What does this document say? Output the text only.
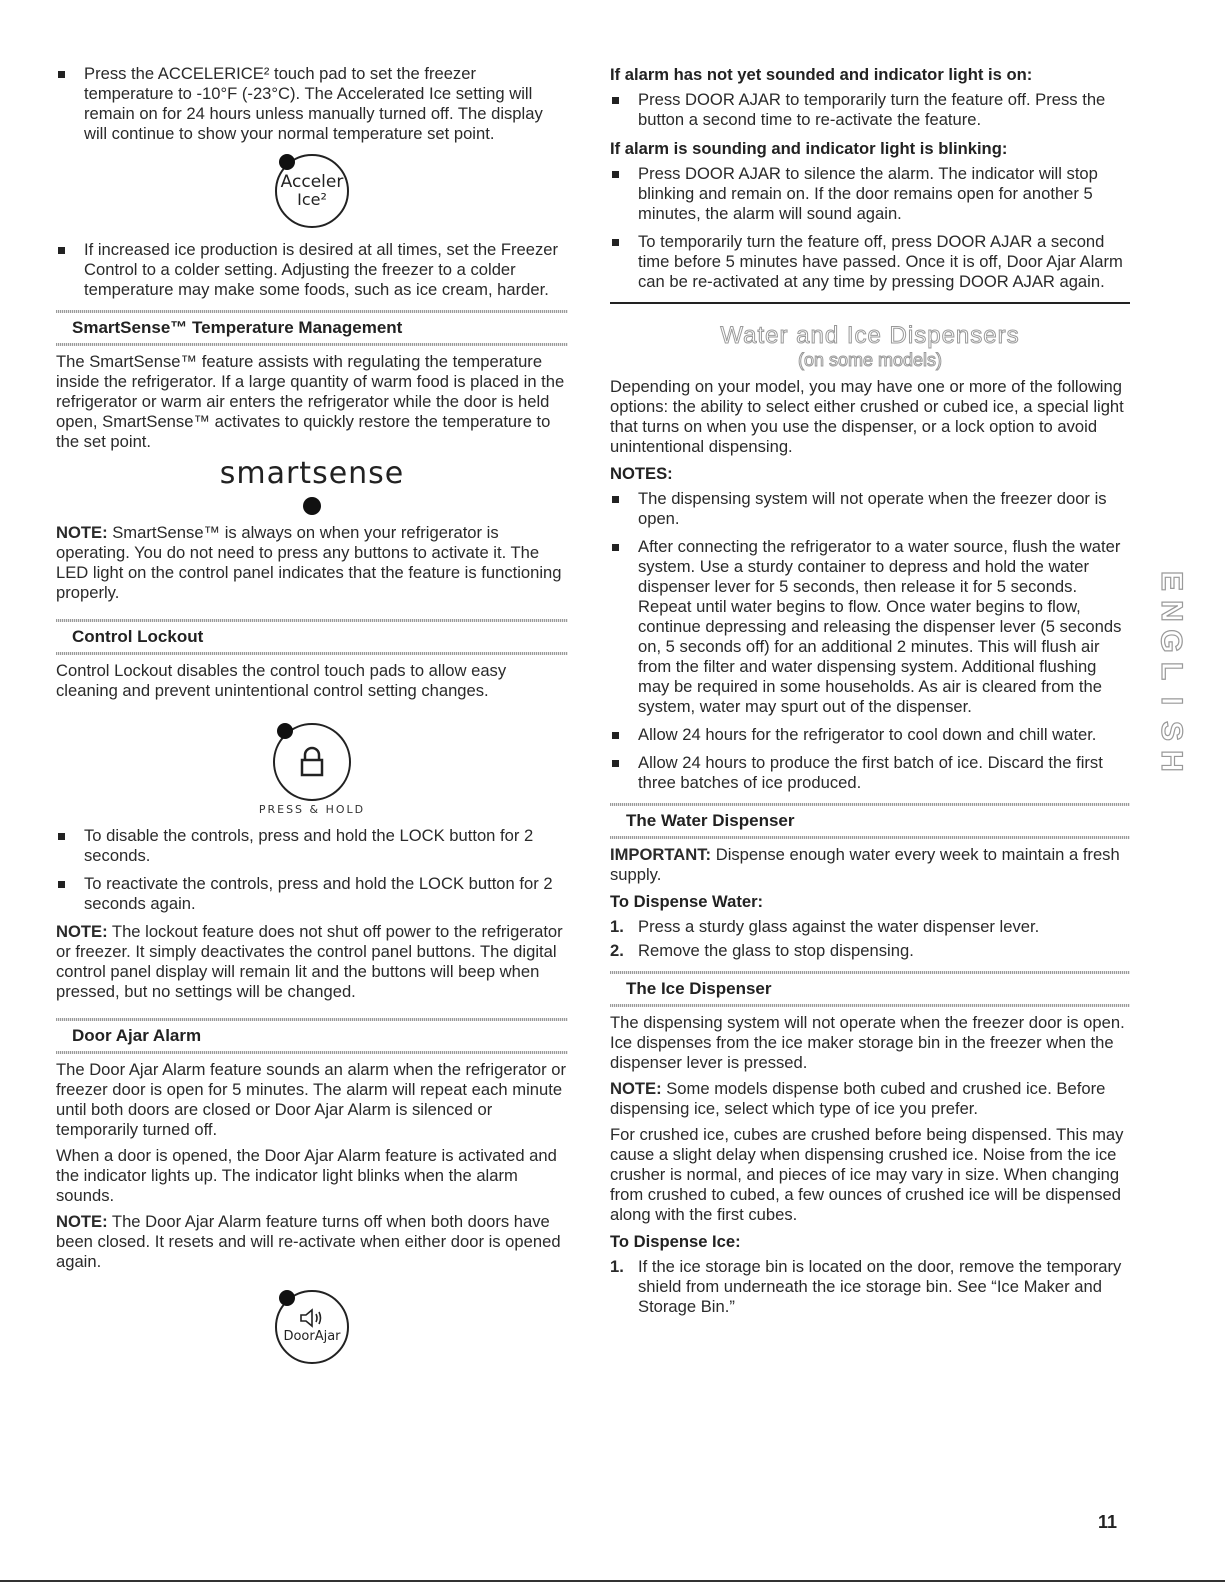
Press the ACCELERICE² touch pad to set the freezer temperature to -10°F (-23°C). The Accelerated Ice setting will remain on for 24 hours unless manually turned off. The display will continue to show your normal temperature set point.
Acceler
Ice²
If increased ice production is desired at all times, set the Freezer Control to a colder setting. Adjusting the freezer to a colder temperature may make some foods, such as ice cream, harder.
SmartSense™ Temperature Management

The SmartSense™ feature assists with regulating the temperature inside the refrigerator. If a large quantity of warm food is placed in the refrigerator or warm air enters the refrigerator while the door is held open, SmartSense™ activates to quickly restore the temperature to the set point.

smartsense

NOTE: SmartSense™ is always on when your refrigerator is operating. You do not need to press any buttons to activate it. The LED light on the control panel indicates that the feature is functioning properly.

Control Lockout

Control Lockout disables the control touch pads to allow easy cleaning and prevent unintentional control setting changes.

PRESS & HOLD
To disable the controls, press and hold the LOCK button for 2 seconds.
To reactivate the controls, press and hold the LOCK button for 2 seconds again.

NOTE: The lockout feature does not shut off power to the refrigerator or freezer. It simply deactivates the control panel buttons. The digital control panel display will remain lit and the buttons will beep when pressed, but no settings will be changed.

Door Ajar Alarm

The Door Ajar Alarm feature sounds an alarm when the refrigerator or freezer door is open for 5 minutes. The alarm will repeat each minute until both doors are closed or Door Ajar Alarm is silenced or temporarily turned off.

When a door is opened, the Door Ajar Alarm feature is activated and the indicator lights up. The indicator light blinks when the alarm sounds.

NOTE: The Door Ajar Alarm feature turns off when both doors have been closed. It resets and will re-activate when either door is opened again.

DoorAjar
If alarm has not yet sounded and indicator light is on:
Press DOOR AJAR to temporarily turn the feature off. Press the button a second time to re-activate the feature.
If alarm is sounding and indicator light is blinking:
Press DOOR AJAR to silence the alarm. The indicator will stop blinking and remain on. If the door remains open for another 5 minutes, the alarm will sound again.
To temporarily turn the feature off, press DOOR AJAR a second time before 5 minutes have passed. Once it is off, Door Ajar Alarm can be re-activated at any time by pressing DOOR AJAR again.
Water and Ice Dispensers
(on some models)

Depending on your model, you may have one or more of the following options: the ability to select either crushed or cubed ice, a special light that turns on when you use the dispenser, or a lock option to avoid unintentional dispensing.

NOTES:
The dispensing system will not operate when the freezer door is open.
After connecting the refrigerator to a water source, flush the water system. Use a sturdy container to depress and hold the water dispenser lever for 5 seconds, then release it for 5 seconds. Repeat until water begins to flow. Once water begins to flow, continue depressing and releasing the dispenser lever (5 seconds on, 5 seconds off) for an additional 2 minutes. This will flush air from the filter and water dispensing system. Additional flushing may be required in some households. As air is cleared from the system, water may spurt out of the dispenser.
Allow 24 hours for the refrigerator to cool down and chill water.
Allow 24 hours to produce the first batch of ice. Discard the first three batches of ice produced.
The Water Dispenser

IMPORTANT: Dispense enough water every week to maintain a fresh supply.

To Dispense Water:
1. Press a sturdy glass against the water dispenser lever.
2. Remove the glass to stop dispensing.
The Ice Dispenser

The dispensing system will not operate when the freezer door is open. Ice dispenses from the ice maker storage bin in the freezer when the dispenser lever is pressed.

NOTE: Some models dispense both cubed and crushed ice. Before dispensing ice, select which type of ice you prefer.

For crushed ice, cubes are crushed before being dispensed. This may cause a slight delay when dispensing crushed ice. Noise from the ice crusher is normal, and pieces of ice may vary in size. When changing from crushed to cubed, a few ounces of crushed ice will be dispensed along with the first cubes.

To Dispense Ice:
1. If the ice storage bin is located on the door, remove the temporary shield from underneath the ice storage bin. See “Ice Maker and Storage Bin.”
E
N
G
L
I
S
H
11
